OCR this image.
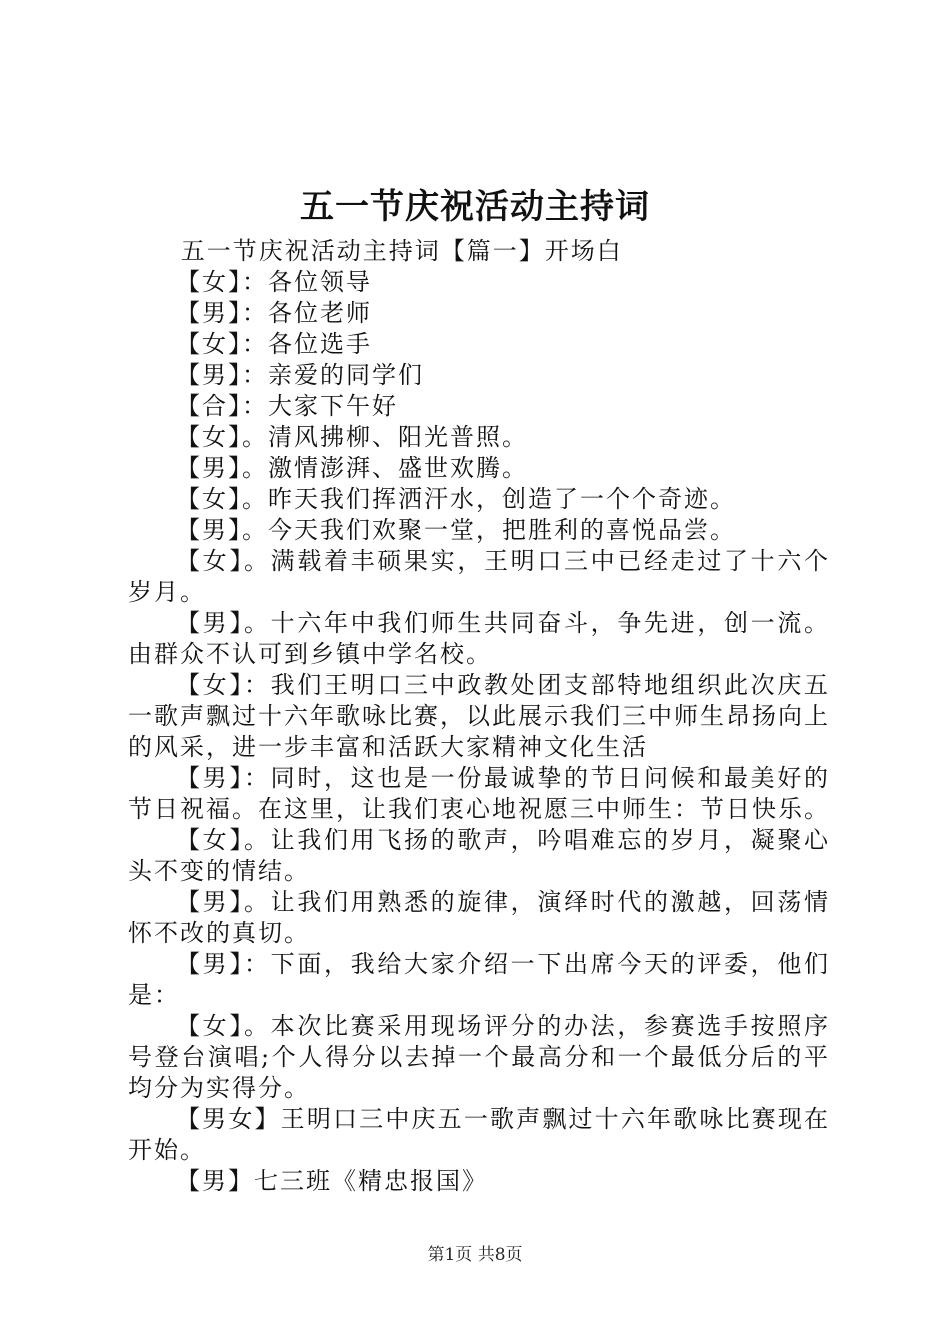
五一节庆祝活动主持词

五一节庆祝活动主持词【篇一】开场白

【女】：各位领导

【男】：各位老师

【女】：各位选手

【男】：亲爱的同学们

【合】：大家下午好

【女】。清风拂柳、阳光普照。

【男】。激情澎湃、盛世欢腾。

【女】。昨天我们挥洒汗水，创造了一个个奇迹。

【男】。今天我们欢聚一堂，把胜利的喜悦品尝。

【女】。满载着丰硕果实，王明口三中已经走过了十六个岁月。

【男】。十六年中我们师生共同奋斗，争先进，创一流。由群众不认可到乡镇中学名校。

【女】：我们王明口三中政教处团支部特地组织此次庆五一歌声飘过十六年歌咏比赛，以此展示我们三中师生昂扬向上的风采，进一步丰富和活跃大家精神文化生活

【男】：同时，这也是一份最诚挚的节日问候和最美好的节日祝福。在这里，让我们衷心地祝愿三中师生：节日快乐。

【女】。让我们用飞扬的歌声，吟唱难忘的岁月，凝聚心头不变的情结。

【男】。让我们用熟悉的旋律，演绎时代的激越，回荡情怀不改的真切。

【男】：下面，我给大家介绍一下出席今天的评委，他们是：

【女】。本次比赛采用现场评分的办法，参赛选手按照序号登台演唱;个人得分以去掉一个最高分和一个最低分后的平均分为实得分。

【男女】王明口三中庆五一歌声飘过十六年歌咏比赛现在开始。

【男】七三班《精忠报国》

第1页 共8页
